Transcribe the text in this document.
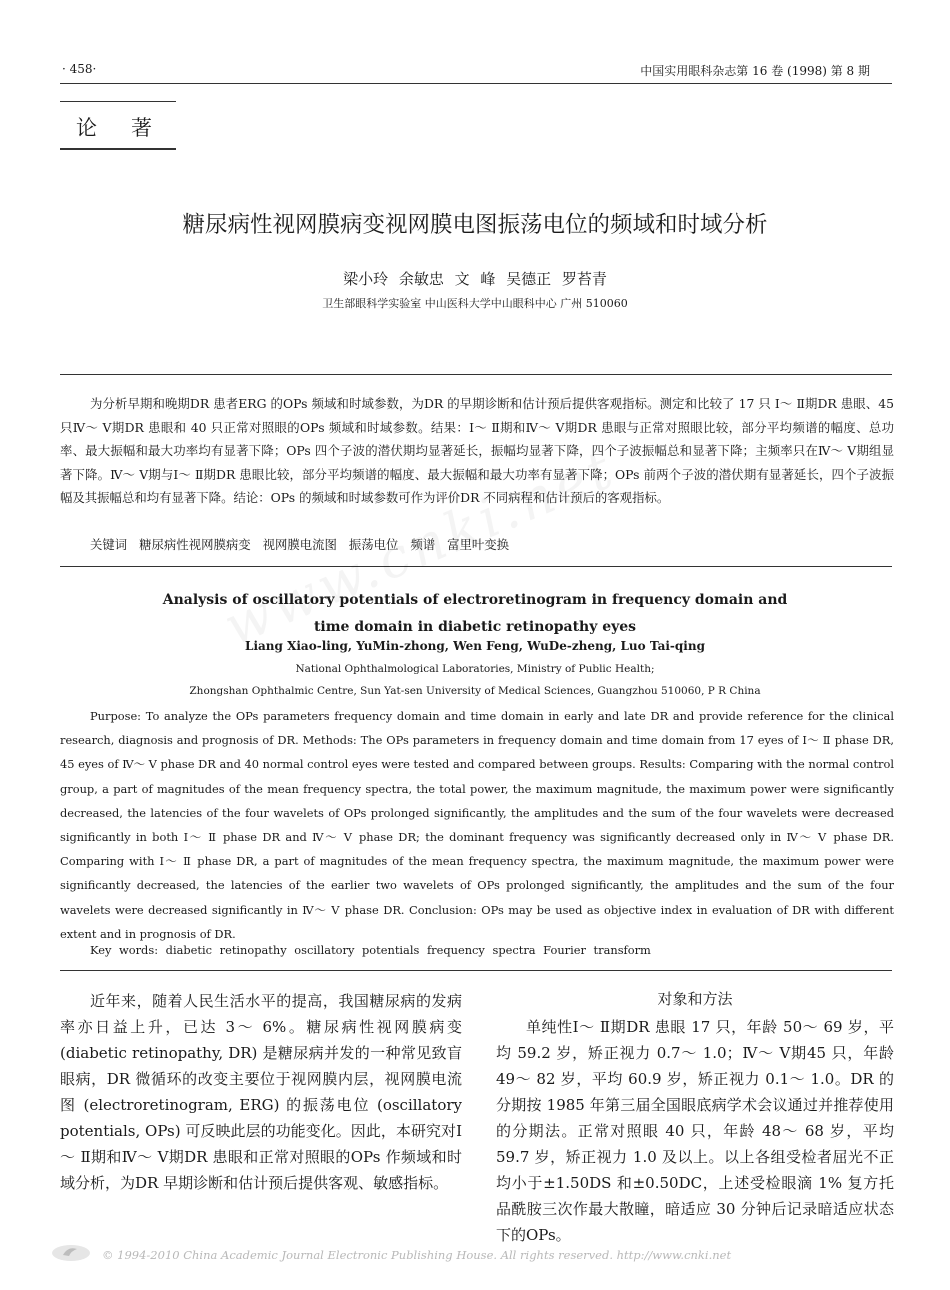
· 458·	中国实用眼科杂志第 16 卷 (1998) 第 8 期
论著
糖尿病性视网膜病变视网膜电图振荡电位的频域和时域分析
梁小玲 余敏忠 文 峰 吴德正 罗苔青
卫生部眼科学实验室 中山医科大学中山眼科中心 广州 510060
为分析早期和晚期DR 患者ERG 的OPs 频域和时域参数，为DR 的早期诊断和估计预后提供客观指标。测定和比较了 17 只 Ⅰ～ Ⅱ期DR 患眼、45 只Ⅳ～ Ⅴ期DR 患眼和 40 只正常对照眼的OPs 频域和时域参数。结果：Ⅰ～ Ⅱ期和Ⅳ～ Ⅴ期DR 患眼与正常对照眼比较，部分平均频谱的幅度、总功率、最大振幅和最大功率均有显著下降；OPs 四个子波的潜伏期均显著延长，振幅均显著下降，四个子波振幅总和显著下降；主频率只在Ⅳ～ Ⅴ期组显著下降。Ⅳ～ Ⅴ期与Ⅰ～ Ⅱ期DR 患眼比较，部分平均频谱的幅度、最大振幅和最大功率有显著下降；OPs 前两个子波的潜伏期有显著延长，四个子波振幅及其振幅总和均有显著下降。结论：OPs 的频域和时域参数可作为评价DR 不同病程和估计预后的客观指标。
关键词 糖尿病性视网膜病变 视网膜电流图 振荡电位 频谱 富里叶变换
Analysis of oscillatory potentials of electroretinogram in frequency domain and
time domain in diabetic retinopathy eyes
Liang Xiao-ling, YuMin-zhong, Wen Feng, WuDe-zheng, Luo Tai-qing
National Ophthalmological Laboratories, Ministry of Public Health;
Zhongshan Ophthalmic Centre, Sun Yat-sen University of Medical Sciences, Guangzhou 510060, P R China
Purpose: To analyze the OPs parameters frequency domain and time domain in early and late DR and provide reference for the clinical research, diagnosis and prognosis of DR. Methods: The OPs parameters in frequency domain and time domain from 17 eyes of Ⅰ～ Ⅱ phase DR, 45 eyes of Ⅳ～ Ⅴ phase DR and 40 normal control eyes were tested and compared between groups. Results: Comparing with the normal control group, a part of magnitudes of the mean frequency spectra, the total power, the maximum magnitude, the maximum power were significantly decreased, the latencies of the four wavelets of OPs prolonged significantly, the amplitudes and the sum of the four wavelets were decreased significantly in both Ⅰ～ Ⅱ phase DR and Ⅳ～ Ⅴ phase DR; the dominant frequency was significantly decreased only in Ⅳ～ Ⅴ phase DR. Comparing with Ⅰ～ Ⅱ phase DR, a part of magnitudes of the mean frequency spectra, the maximum magnitude, the maximum power were significantly decreased, the latencies of the earlier two wavelets of OPs prolonged significantly, the amplitudes and the sum of the four wavelets were decreased significantly in Ⅳ～ Ⅴ phase DR. Conclusion: OPs may be used as objective index in evaluation of DR with different extent and in prognosis of DR.
Key words: diabetic retinopathy oscillatory potentials frequency spectra Fourier transform
近年来，随着人民生活水平的提高，我国糖尿病的发病率亦日益上升，已达 3～ 6%。糖尿病性视网膜病变 (diabetic retinopathy, DR) 是糖尿病并发的一种常见致盲眼病，DR 微循环的改变主要位于视网膜内层，视网膜电流图 (electroretinogram, ERG) 的振荡电位 (oscillatory potentials, OPs) 可反映此层的功能变化。因此，本研究对Ⅰ～ Ⅱ期和Ⅳ～ Ⅴ期DR 患眼和正常对照眼的OPs 作频域和时域分析，为DR 早期诊断和估计预后提供客观、敏感指标。
对象和方法
单纯性Ⅰ～ Ⅱ期DR 患眼 17 只，年龄 50～ 69 岁，平均 59.2 岁，矫正视力 0.7～ 1.0；Ⅳ～ Ⅴ期45 只，年龄 49～ 82 岁，平均 60.9 岁，矫正视力 0.1～ 1.0。DR 的分期按 1985 年第三届全国眼底病学术会议通过并推荐使用的分期法。正常对照眼 40 只，年龄 48～ 68 岁，平均 59.7 岁，矫正视力 1.0 及以上。以上各组受检者屈光不正均小于±1.50DS 和±0.50DC，上述受检眼滴 1% 复方托品酰胺三次作最大散瞳，暗适应 30 分钟后记录暗适应状态下的OPs。
© 1994-2010 China Academic Journal Electronic Publishing House. All rights reserved. http://www.cnki.net
